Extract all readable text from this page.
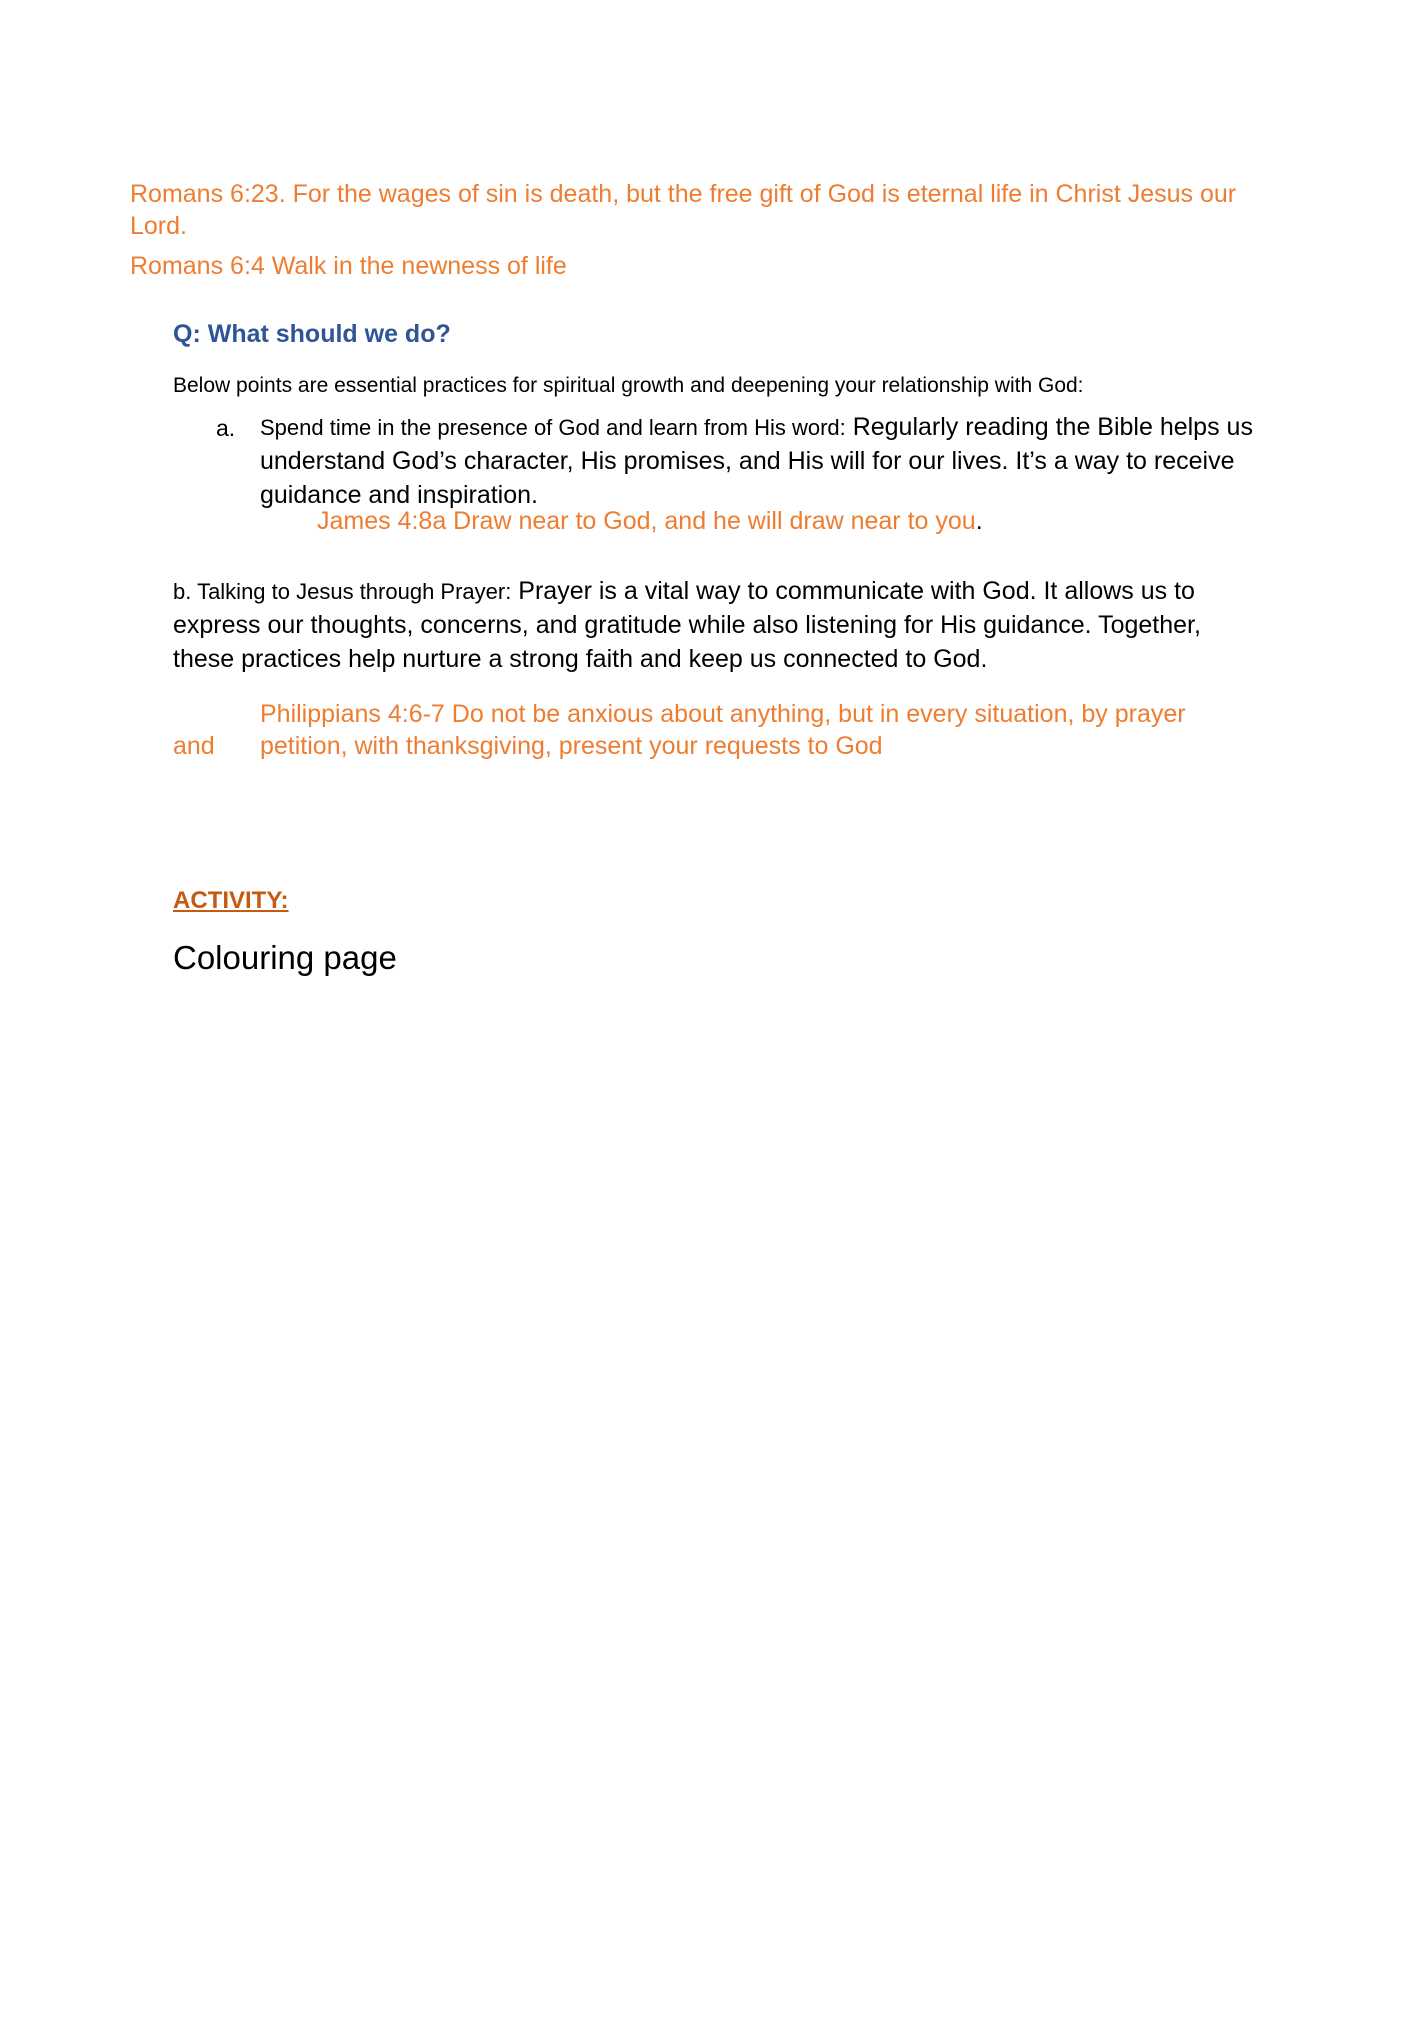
Romans 6:23. For the wages of sin is death, but the free gift of God is eternal life in Christ Jesus our Lord.
Romans 6:4 Walk in the newness of life
Q: What should we do?
Below points are essential practices for spiritual growth and deepening your relationship with God:
a. Spend time in the presence of God and learn from His word: Regularly reading the Bible helps us understand God’s character, His promises, and His will for our lives. It’s a way to receive guidance and inspiration.
James 4:8a Draw near to God, and he will draw near to you.
b. Talking to Jesus through Prayer: Prayer is a vital way to communicate with God. It allows us to express our thoughts, concerns, and gratitude while also listening for His guidance. Together, these practices help nurture a strong faith and keep us connected to God.
and
Philippians 4:6-7 Do not be anxious about anything, but in every situation, by prayer petition, with thanksgiving, present your requests to God
ACTIVITY:
Colouring page
